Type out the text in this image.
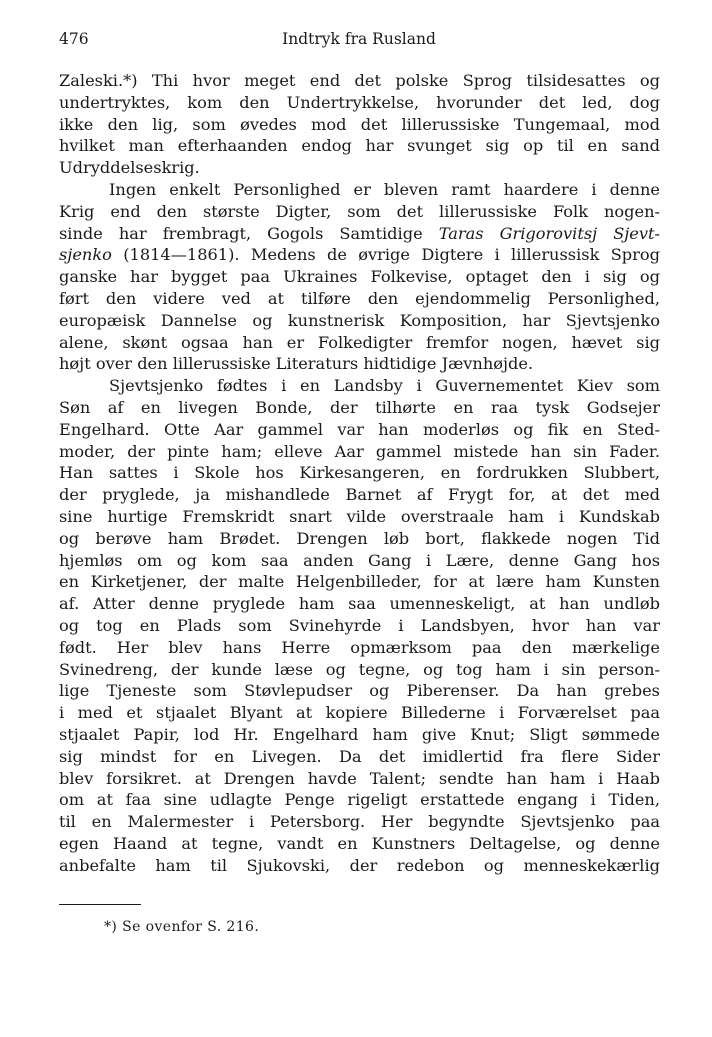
476	Indtryk fra Rusland
Zaleski.*) Thi hvor meget end det polske Sprog tilsidesattes og
undertryktes, kom den Undertrykkelse, hvorunder det led, dog
ikke den lig, som øvedes mod det lillerussiske Tungemaal, mod
hvilket man efterhaanden endog har svunget sig op til en sand
Udryddelseskrig.
Ingen enkelt Personlighed er bleven ramt haardere i denne
Krig end den største Digter, som det lillerussiske Folk nogen-
sinde har frembragt, Gogols Samtidige Taras Grigorovitsj Sjevt-
sjenko (1814—1861). Medens de øvrige Digtere i lillerussisk Sprog
ganske har bygget paa Ukraines Folkevise, optaget den i sig og
ført den videre ved at tilføre den ejendommelig Personlighed,
europæisk Dannelse og kunstnerisk Komposition, har Sjevtsjenko
alene, skønt ogsaa han er Folkedigter fremfor nogen, hævet sig
højt over den lillerussiske Literaturs hidtidige Jævnhøjde.
Sjevtsjenko fødtes i en Landsby i Guvernementet Kiev som
Søn af en livegen Bonde, der tilhørte en raa tysk Godsejer
Engelhard. Otte Aar gammel var han moderløs og fik en Sted-
moder, der pinte ham; elleve Aar gammel mistede han sin Fader.
Han sattes i Skole hos Kirkesangeren, en fordrukken Slubbert,
der pryglede, ja mishandlede Barnet af Frygt for, at det med
sine hurtige Fremskridt snart vilde overstraale ham i Kundskab
og berøve ham Brødet. Drengen løb bort, flakkede nogen Tid
hjemløs om og kom saa anden Gang i Lære, denne Gang hos
en Kirketjener, der malte Helgenbilleder, for at lære ham Kunsten
af. Atter denne pryglede ham saa umenneskeligt, at han undløb
og tog en Plads som Svinehyrde i Landsbyen, hvor han var
født. Her blev hans Herre opmærksom paa den mærkelige
Svinedreng, der kunde læse og tegne, og tog ham i sin person-
lige Tjeneste som Støvlepudser og Piberenser. Da han grebes
i med et stjaalet Blyant at kopiere Billederne i Forværelset paa
stjaalet Papir, lod Hr. Engelhard ham give Knut; Sligt sømmede
sig mindst for en Livegen. Da det imidlertid fra flere Sider
blev forsikret. at Drengen havde Talent; sendte han ham i Haab
om at faa sine udlagte Penge rigeligt erstattede engang i Tiden,
til en Malermester i Petersborg. Her begyndte Sjevtsjenko paa
egen Haand at tegne, vandt en Kunstners Deltagelse, og denne
anbefalte ham til Sjukovski, der redebon og menneskekærlig
*) Se ovenfor S. 216.
